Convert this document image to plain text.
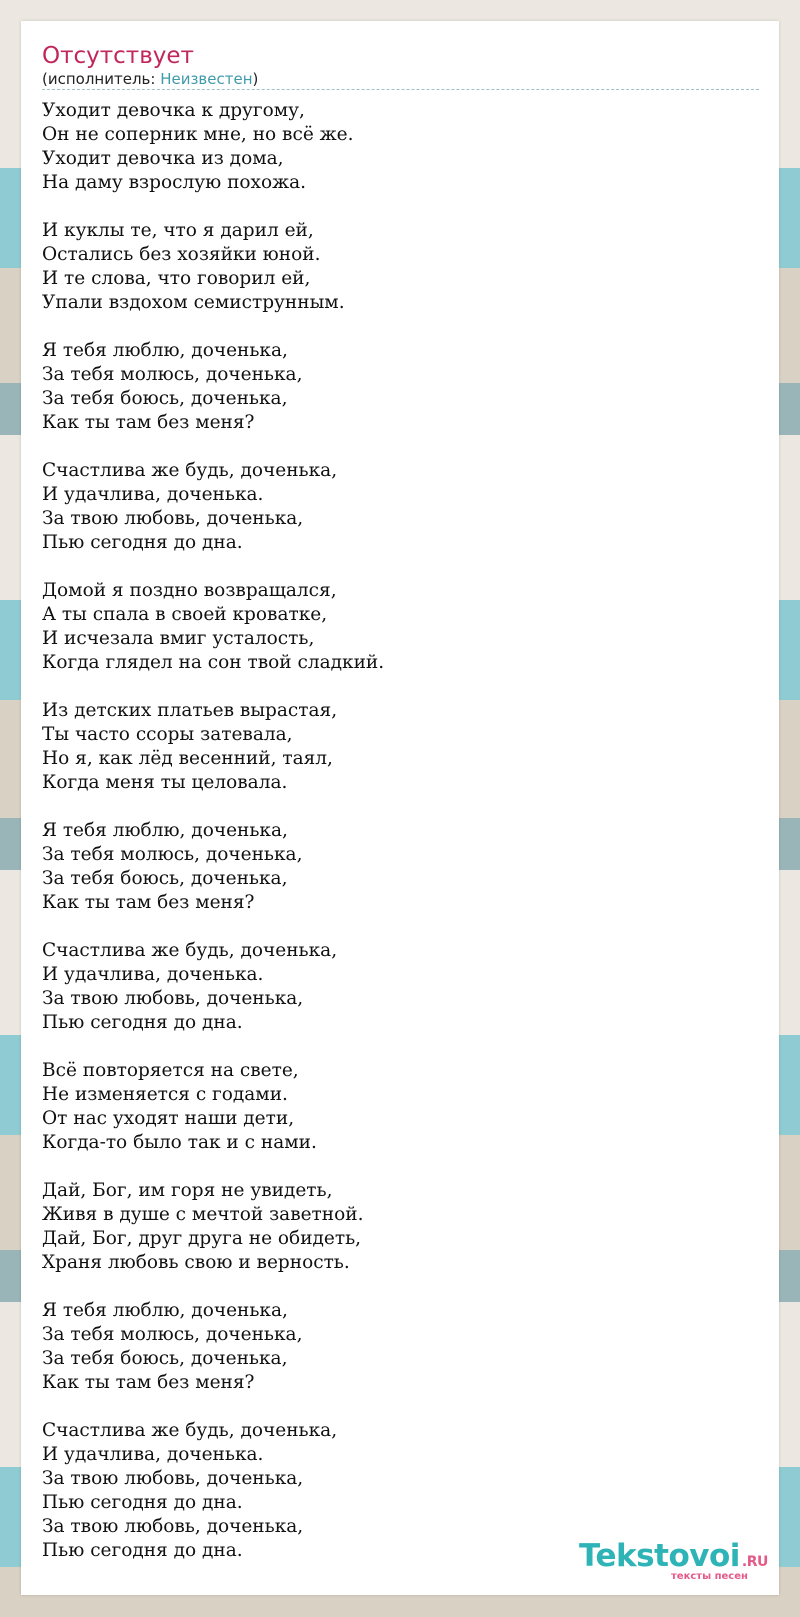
Отсутствует
(исполнитель: Неизвестен)
Уходит девочка к другому,
Он не соперник мне, но всё же.
Уходит девочка из дома,
На даму взрослую похожа.
И куклы те, что я дарил ей,
Остались без хозяйки юной.
И те слова, что говорил ей,
Упали вздохом семиструнным.
Я тебя люблю, доченька,
За тебя молюсь, доченька,
За тебя боюсь, доченька,
Как ты там без меня?
Счастлива же будь, доченька,
И удачлива, доченька.
За твою любовь, доченька,
Пью сегодня до дна.
Домой я поздно возвращался,
А ты спала в своей кроватке,
И исчезала вмиг усталость,
Когда глядел на сон твой сладкий.
Из детских платьев вырастая,
Ты часто ссоры затевала,
Но я, как лёд весенний, таял,
Когда меня ты целовала.
Я тебя люблю, доченька,
За тебя молюсь, доченька,
За тебя боюсь, доченька,
Как ты там без меня?
Счастлива же будь, доченька,
И удачлива, доченька.
За твою любовь, доченька,
Пью сегодня до дна.
Всё повторяется на свете,
Не изменяется с годами.
От нас уходят наши дети,
Когда-то было так и с нами.
Дай, Бог, им горя не увидеть,
Живя в душе с мечтой заветной.
Дай, Бог, друг друга не обидеть,
Храня любовь свою и верность.
Я тебя люблю, доченька,
За тебя молюсь, доченька,
За тебя боюсь, доченька,
Как ты там без меня?
Счастлива же будь, доченька,
И удачлива, доченька.
За твою любовь, доченька,
Пью сегодня до дна.
За твою любовь, доченька,
Пью сегодня до дна.	Tekstovoi .RU
тексты песен
